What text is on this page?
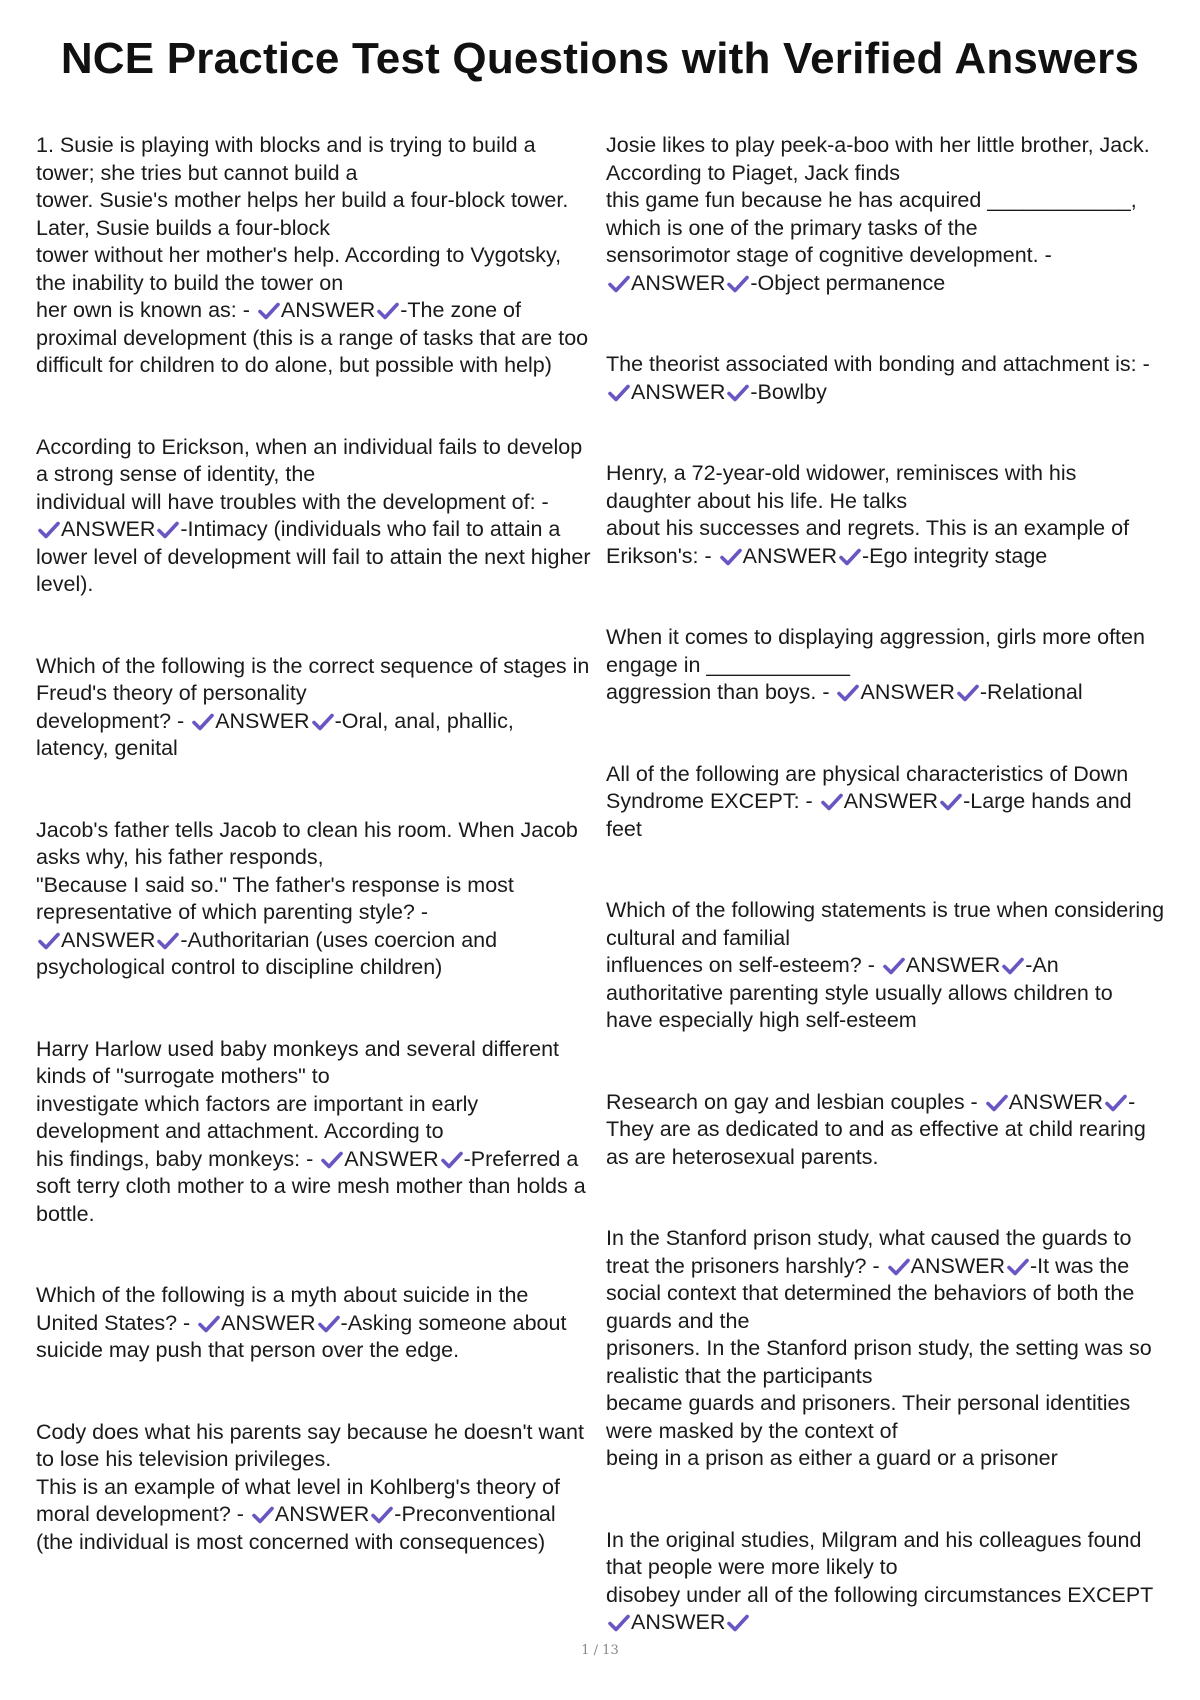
NCE Practice Test Questions with Verified Answers
1. Susie is playing with blocks and is trying to build a
tower; she tries but cannot build a
tower. Susie's mother helps her build a four-block tower.
Later, Susie builds a four-block
tower without her mother's help. According to Vygotsky,
the inability to build the tower on
her own is known as: - ANSWER -The zone of
proximal development (this is a range of tasks that are too
difficult for children to do alone, but possible with help)
According to Erickson, when an individual fails to develop
a strong sense of identity, the
individual will have troubles with the development of: -
ANSWER -Intimacy (individuals who fail to attain a
lower level of development will fail to attain the next higher
level).
Which of the following is the correct sequence of stages in
Freud's theory of personality
development? - ANSWER -Oral, anal, phallic,
latency, genital
Jacob's father tells Jacob to clean his room. When Jacob
asks why, his father responds,
"Because I said so." The father's response is most
representative of which parenting style? -
ANSWER -Authoritarian (uses coercion and
psychological control to discipline children)
Harry Harlow used baby monkeys and several different
kinds of "surrogate mothers" to
investigate which factors are important in early
development and attachment. According to
his findings, baby monkeys: - ANSWER -Preferred a
soft terry cloth mother to a wire mesh mother than holds a
bottle.
Which of the following is a myth about suicide in the
United States? - ANSWER -Asking someone about
suicide may push that person over the edge.
Cody does what his parents say because he doesn't want
to lose his television privileges.
This is an example of what level in Kohlberg's theory of
moral development? - ANSWER -Preconventional
(the individual is most concerned with consequences)
Josie likes to play peek-a-boo with her little brother, Jack.
According to Piaget, Jack finds
this game fun because he has acquired ____________,
which is one of the primary tasks of the
sensorimotor stage of cognitive development. -
ANSWER -Object permanence
The theorist associated with bonding and attachment is: -
ANSWER -Bowlby
Henry, a 72-year-old widower, reminisces with his
daughter about his life. He talks
about his successes and regrets. This is an example of
Erikson's: - ANSWER -Ego integrity stage
When it comes to displaying aggression, girls more often
engage in ____________
aggression than boys. - ANSWER -Relational
All of the following are physical characteristics of Down
Syndrome EXCEPT: - ANSWER -Large hands and
feet
Which of the following statements is true when considering
cultural and familial
influences on self-esteem? - ANSWER -An
authoritative parenting style usually allows children to
have especially high self-esteem
Research on gay and lesbian couples - ANSWER -
They are as dedicated to and as effective at child rearing
as are heterosexual parents.
In the Stanford prison study, what caused the guards to
treat the prisoners harshly? - ANSWER -It was the
social context that determined the behaviors of both the
guards and the
prisoners. In the Stanford prison study, the setting was so
realistic that the participants
became guards and prisoners. Their personal identities
were masked by the context of
being in a prison as either a guard or a prisoner
In the original studies, Milgram and his colleagues found
that people were more likely to
disobey under all of the following circumstances EXCEPT
ANSWER
1 / 13
